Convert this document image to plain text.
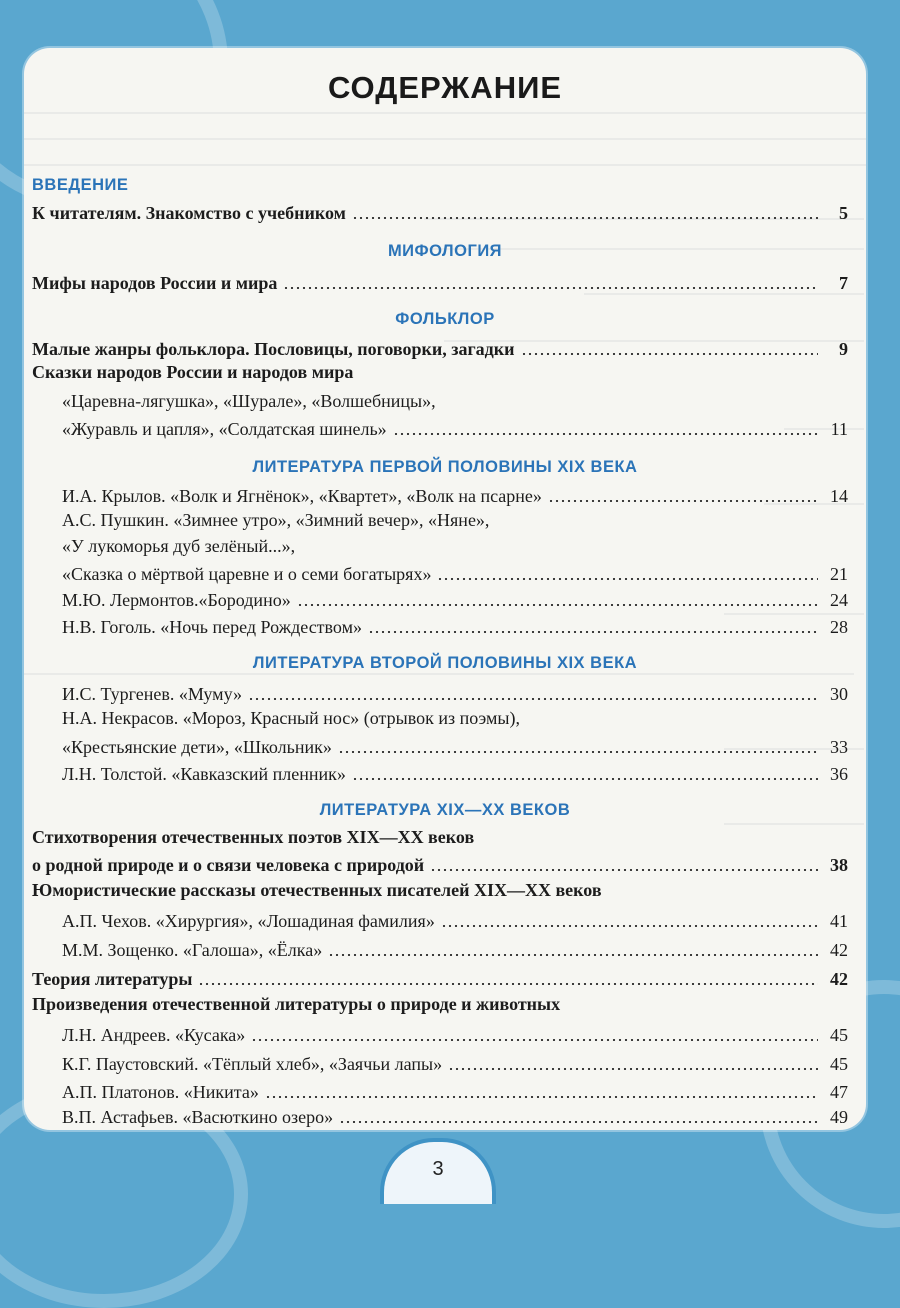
СОДЕРЖАНИЕ
ВВЕДЕНИЕ
К читателям. Знакомство с учебником	5
МИФОЛОГИЯ
Мифы народов России и мира	7
ФОЛЬКЛОР
Малые жанры фольклора. Пословицы, поговорки, загадки	9
Сказки народов России и народов мира
«Царевна-лягушка», «Шурале», «Волшебницы»,
«Журавль и цапля», «Солдатская шинель»	11
ЛИТЕРАТУРА ПЕРВОЙ ПОЛОВИНЫ XIX ВЕКА
И.А. Крылов. «Волк и Ягнёнок», «Квартет», «Волк на псарне»	14
А.С. Пушкин. «Зимнее утро», «Зимний вечер», «Няне»,
«У лукоморья дуб зелёный...»,
«Сказка о мёртвой царевне и о семи богатырях»	21
М.Ю. Лермонтов.«Бородино»	24
Н.В. Гоголь. «Ночь перед Рождеством»	28
ЛИТЕРАТУРА ВТОРОЙ ПОЛОВИНЫ XIX ВЕКА
И.С. Тургенев. «Муму»	30
Н.А. Некрасов. «Мороз, Красный нос» (отрывок из поэмы),
«Крестьянские дети», «Школьник»	33
Л.Н. Толстой. «Кавказский пленник»	36
ЛИТЕРАТУРА XIX—XX ВЕКОВ
Стихотворения отечественных поэтов XIX—XX веков
о родной природе и о связи человека с природой	38
Юмористические рассказы отечественных писателей XIX—XX веков
А.П. Чехов. «Хирургия», «Лошадиная фамилия»	41
М.М. Зощенко. «Галоша», «Ёлка»	42
Теория литературы	42
Произведения отечественной литературы о природе и животных
Л.Н. Андреев. «Кусака»	45
К.Г. Паустовский. «Тёплый хлеб», «Заячьи лапы»	45
А.П. Платонов. «Никита»	47
В.П. Астафьев. «Васюткино озеро»	49
3
